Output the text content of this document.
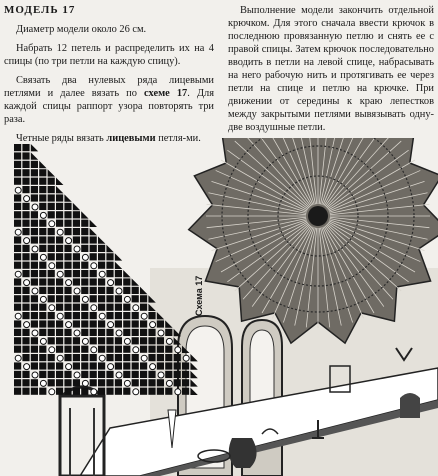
МОДЕЛЬ 17

Диаметр модели около 26 см.

Набрать 12 петель и распределить их на 4 спицы (по три петли на каждую спицу).

Связать два нулевых ряда лицевыми петлями и далее вязать по схеме 17. Для каждой спицы раппорт узора повторять три раза.

Четные ряды вязать лицевыми петля-ми.

Выполнение модели закончить отдельной крючком. Для этого сначала ввести крючок в последнюю провязанную петлю и снять ее с правой спицы. Затем крючок последовательно вводить в петли на левой спице, набрасывать на него рабочую нить и протягивать ее через петли на спице и петлю на крючке. При движении от середины к краю лепестков между закрытыми петлями вывязывать одну-две воздушные петли.

Схема 17
